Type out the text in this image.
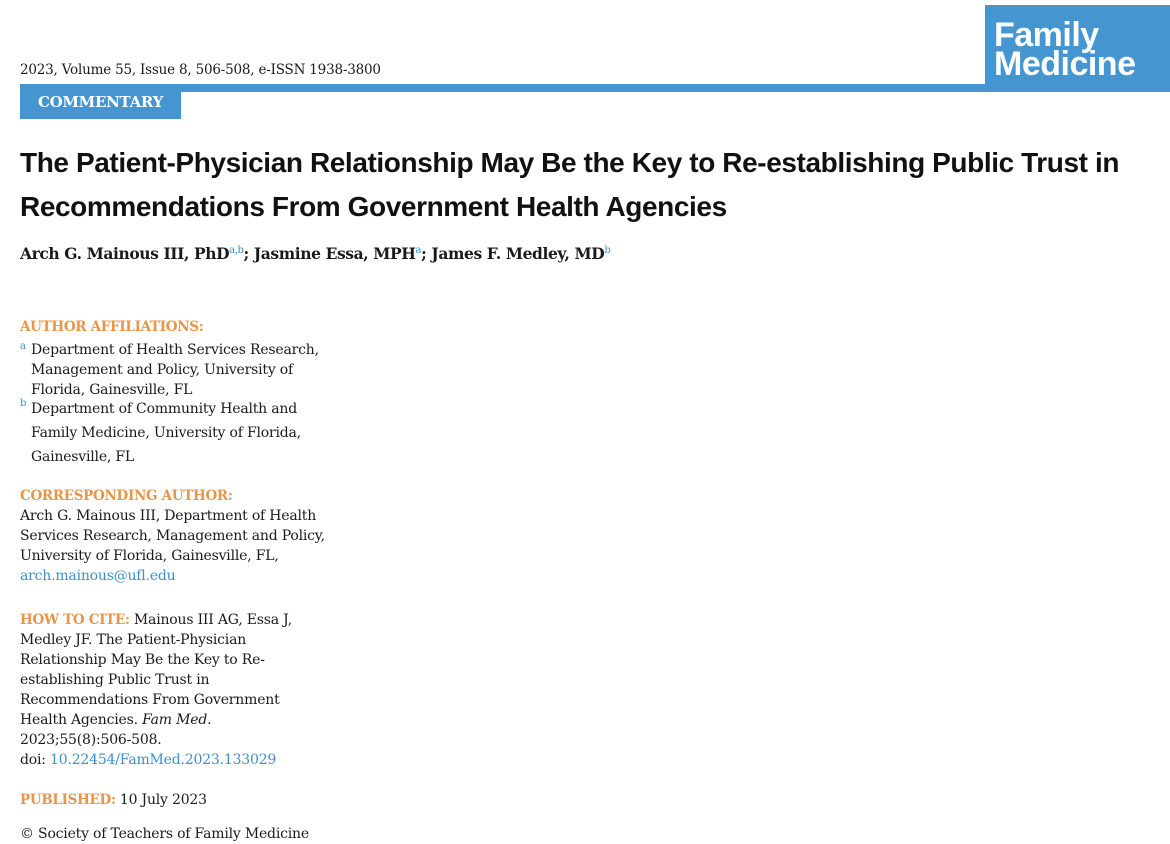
2023, Volume 55, Issue 8, 506-508, e-ISSN 1938-3800
COMMENTARY
Family
Medicine
The Patient-Physician Relationship May Be the Key to Re-establishing Public Trust in Recommendations From Government Health Agencies
Arch G. Mainous III, PhD$^{a,b}$; Jasmine Essa, MPH$^a$; James F. Medley, $MD^b$
AUTHOR AFFILIATIONS:
a Department of Health Services Research, Management and Policy, University of Florida, Gainesville, FL
b Department of Community Health and Family Medicine, University of Florida, Gainesville, FL
CORRESPONDING AUTHOR:
Arch G. Mainous III, Department of Health Services Research, Management and Policy, University of Florida, Gainesville, FL, arch.mainous@ufl.edu
HOW TO CITE: Mainous III AG, Essa J, Medley JF. The Patient-Physician Relationship May Be the Key to Re-establishing Public Trust in Recommendations From Government Health Agencies. Fam Med.
2023;55(8):506-508.
doi: 10.22454/FamMed.2023.133029
PUBLISHED: 10 July 2023
© Society of Teachers of Family Medicine
